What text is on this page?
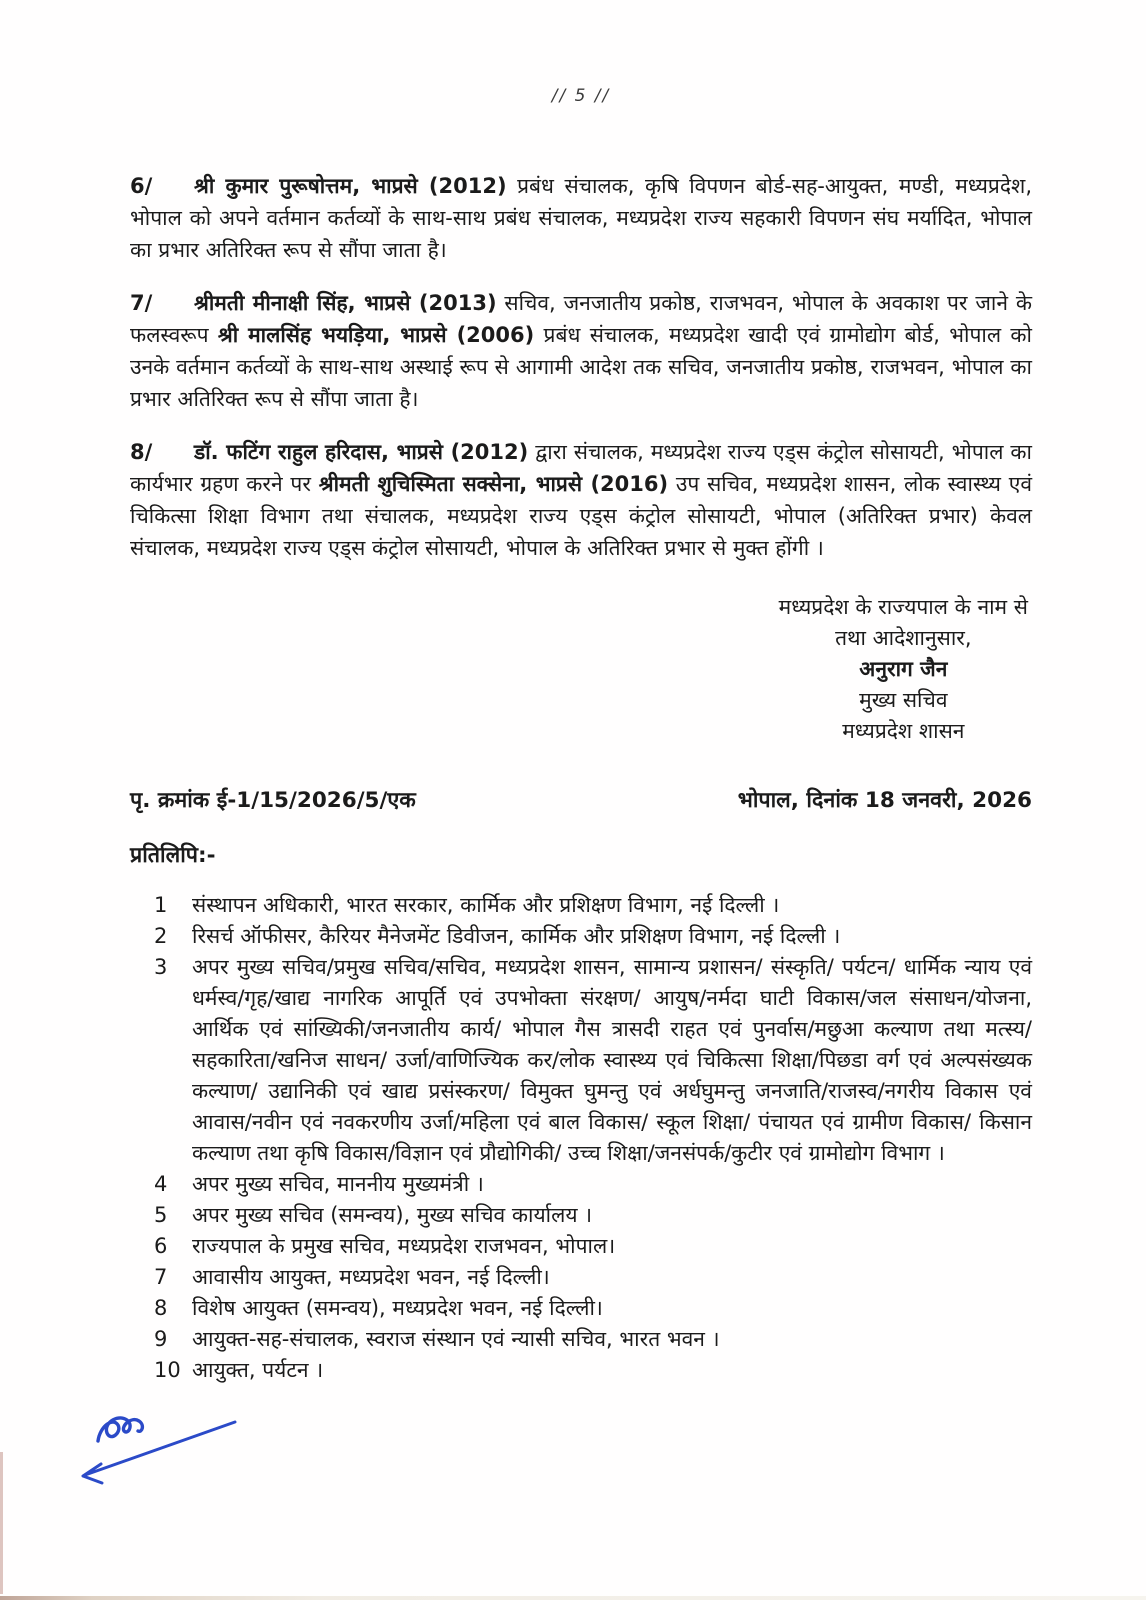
// 5 //

6/ श्री कुमार पुरूषोत्तम, भाप्रसे (2012) प्रबंध संचालक, कृषि विपणन बोर्ड-सह-आयुक्त, मण्डी, मध्यप्रदेश, भोपाल को अपने वर्तमान कर्तव्यों के साथ-साथ प्रबंध संचालक, मध्यप्रदेश राज्य सहकारी विपणन संघ मर्यादित, भोपाल का प्रभार अतिरिक्त रूप से सौंपा जाता है।

7/ श्रीमती मीनाक्षी सिंह, भाप्रसे (2013) सचिव, जनजातीय प्रकोष्ठ, राजभवन, भोपाल के अवकाश पर जाने के फलस्वरूप श्री मालसिंह भयड़िया, भाप्रसे (2006) प्रबंध संचालक, मध्यप्रदेश खादी एवं ग्रामोद्योग बोर्ड, भोपाल को उनके वर्तमान कर्तव्यों के साथ-साथ अस्थाई रूप से आगामी आदेश तक सचिव, जनजातीय प्रकोष्ठ, राजभवन, भोपाल का प्रभार अतिरिक्त रूप से सौंपा जाता है।

8/ डॉ. फटिंग राहुल हरिदास, भाप्रसे (2012) द्वारा संचालक, मध्यप्रदेश राज्य एड्स कंट्रोल सोसायटी, भोपाल का कार्यभार ग्रहण करने पर श्रीमती शुचिस्मिता सक्सेना, भाप्रसे (2016) उप सचिव, मध्यप्रदेश शासन, लोक स्वास्थ्य एवं चिकित्सा शिक्षा विभाग तथा संचालक, मध्यप्रदेश राज्य एड्स कंट्रोल सोसायटी, भोपाल (अतिरिक्त प्रभार) केवल संचालक, मध्यप्रदेश राज्य एड्स कंट्रोल सोसायटी, भोपाल के अतिरिक्त प्रभार से मुक्त होंगी ।

मध्यप्रदेश के राज्यपाल के नाम से
तथा आदेशानुसार,
अनुराग जैन
मुख्य सचिव
मध्यप्रदेश शासन
पृ. क्रमांक ई-1/15/2026/5/एक	भोपाल, दिनांक 18 जनवरी, 2026
प्रतिलिपि:-
1	संस्थापन अधिकारी, भारत सरकार, कार्मिक और प्रशिक्षण विभाग, नई दिल्ली ।
2	रिसर्च ऑफीसर, कैरियर मैनेजमेंट डिवीजन, कार्मिक और प्रशिक्षण विभाग, नई दिल्ली ।
3	अपर मुख्य सचिव/प्रमुख सचिव/सचिव, मध्यप्रदेश शासन, सामान्य प्रशासन/ संस्कृति/ पर्यटन/ धार्मिक न्याय एवं धर्मस्व/गृह/खाद्य नागरिक आपूर्ति एवं उपभोक्ता संरक्षण/ आयुष/नर्मदा घाटी विकास/जल संसाधन/योजना, आर्थिक एवं सांख्यिकी/जनजातीय कार्य/ भोपाल गैस त्रासदी राहत एवं पुनर्वास/मछुआ कल्याण तथा मत्स्य/सहकारिता/खनिज साधन/ उर्जा/वाणिज्यिक कर/लोक स्वास्थ्य एवं चिकित्सा शिक्षा/पिछडा वर्ग एवं अल्पसंख्यक कल्याण/ उद्यानिकी एवं खाद्य प्रसंस्करण/ विमुक्त घुमन्तु एवं अर्धघुमन्तु जनजाति/राजस्व/नगरीय विकास एवं आवास/नवीन एवं नवकरणीय उर्जा/महिला एवं बाल विकास/ स्कूल शिक्षा/ पंचायत एवं ग्रामीण विकास/ किसान कल्याण तथा कृषि विकास/विज्ञान एवं प्रौद्योगिकी/ उच्च शिक्षा/जनसंपर्क/कुटीर एवं ग्रामोद्योग विभाग ।
4	अपर मुख्य सचिव, माननीय मुख्यमंत्री ।
5	अपर मुख्य सचिव (समन्वय), मुख्य सचिव कार्यालय ।
6	राज्यपाल के प्रमुख सचिव, मध्यप्रदेश राजभवन, भोपाल।
7	आवासीय आयुक्त, मध्यप्रदेश भवन, नई दिल्ली।
8	विशेष आयुक्त (समन्वय), मध्यप्रदेश भवन, नई दिल्ली।
9	आयुक्त-सह-संचालक, स्वराज संस्थान एवं न्यासी सचिव, भारत भवन ।
10 आयुक्त, पर्यटन ।
